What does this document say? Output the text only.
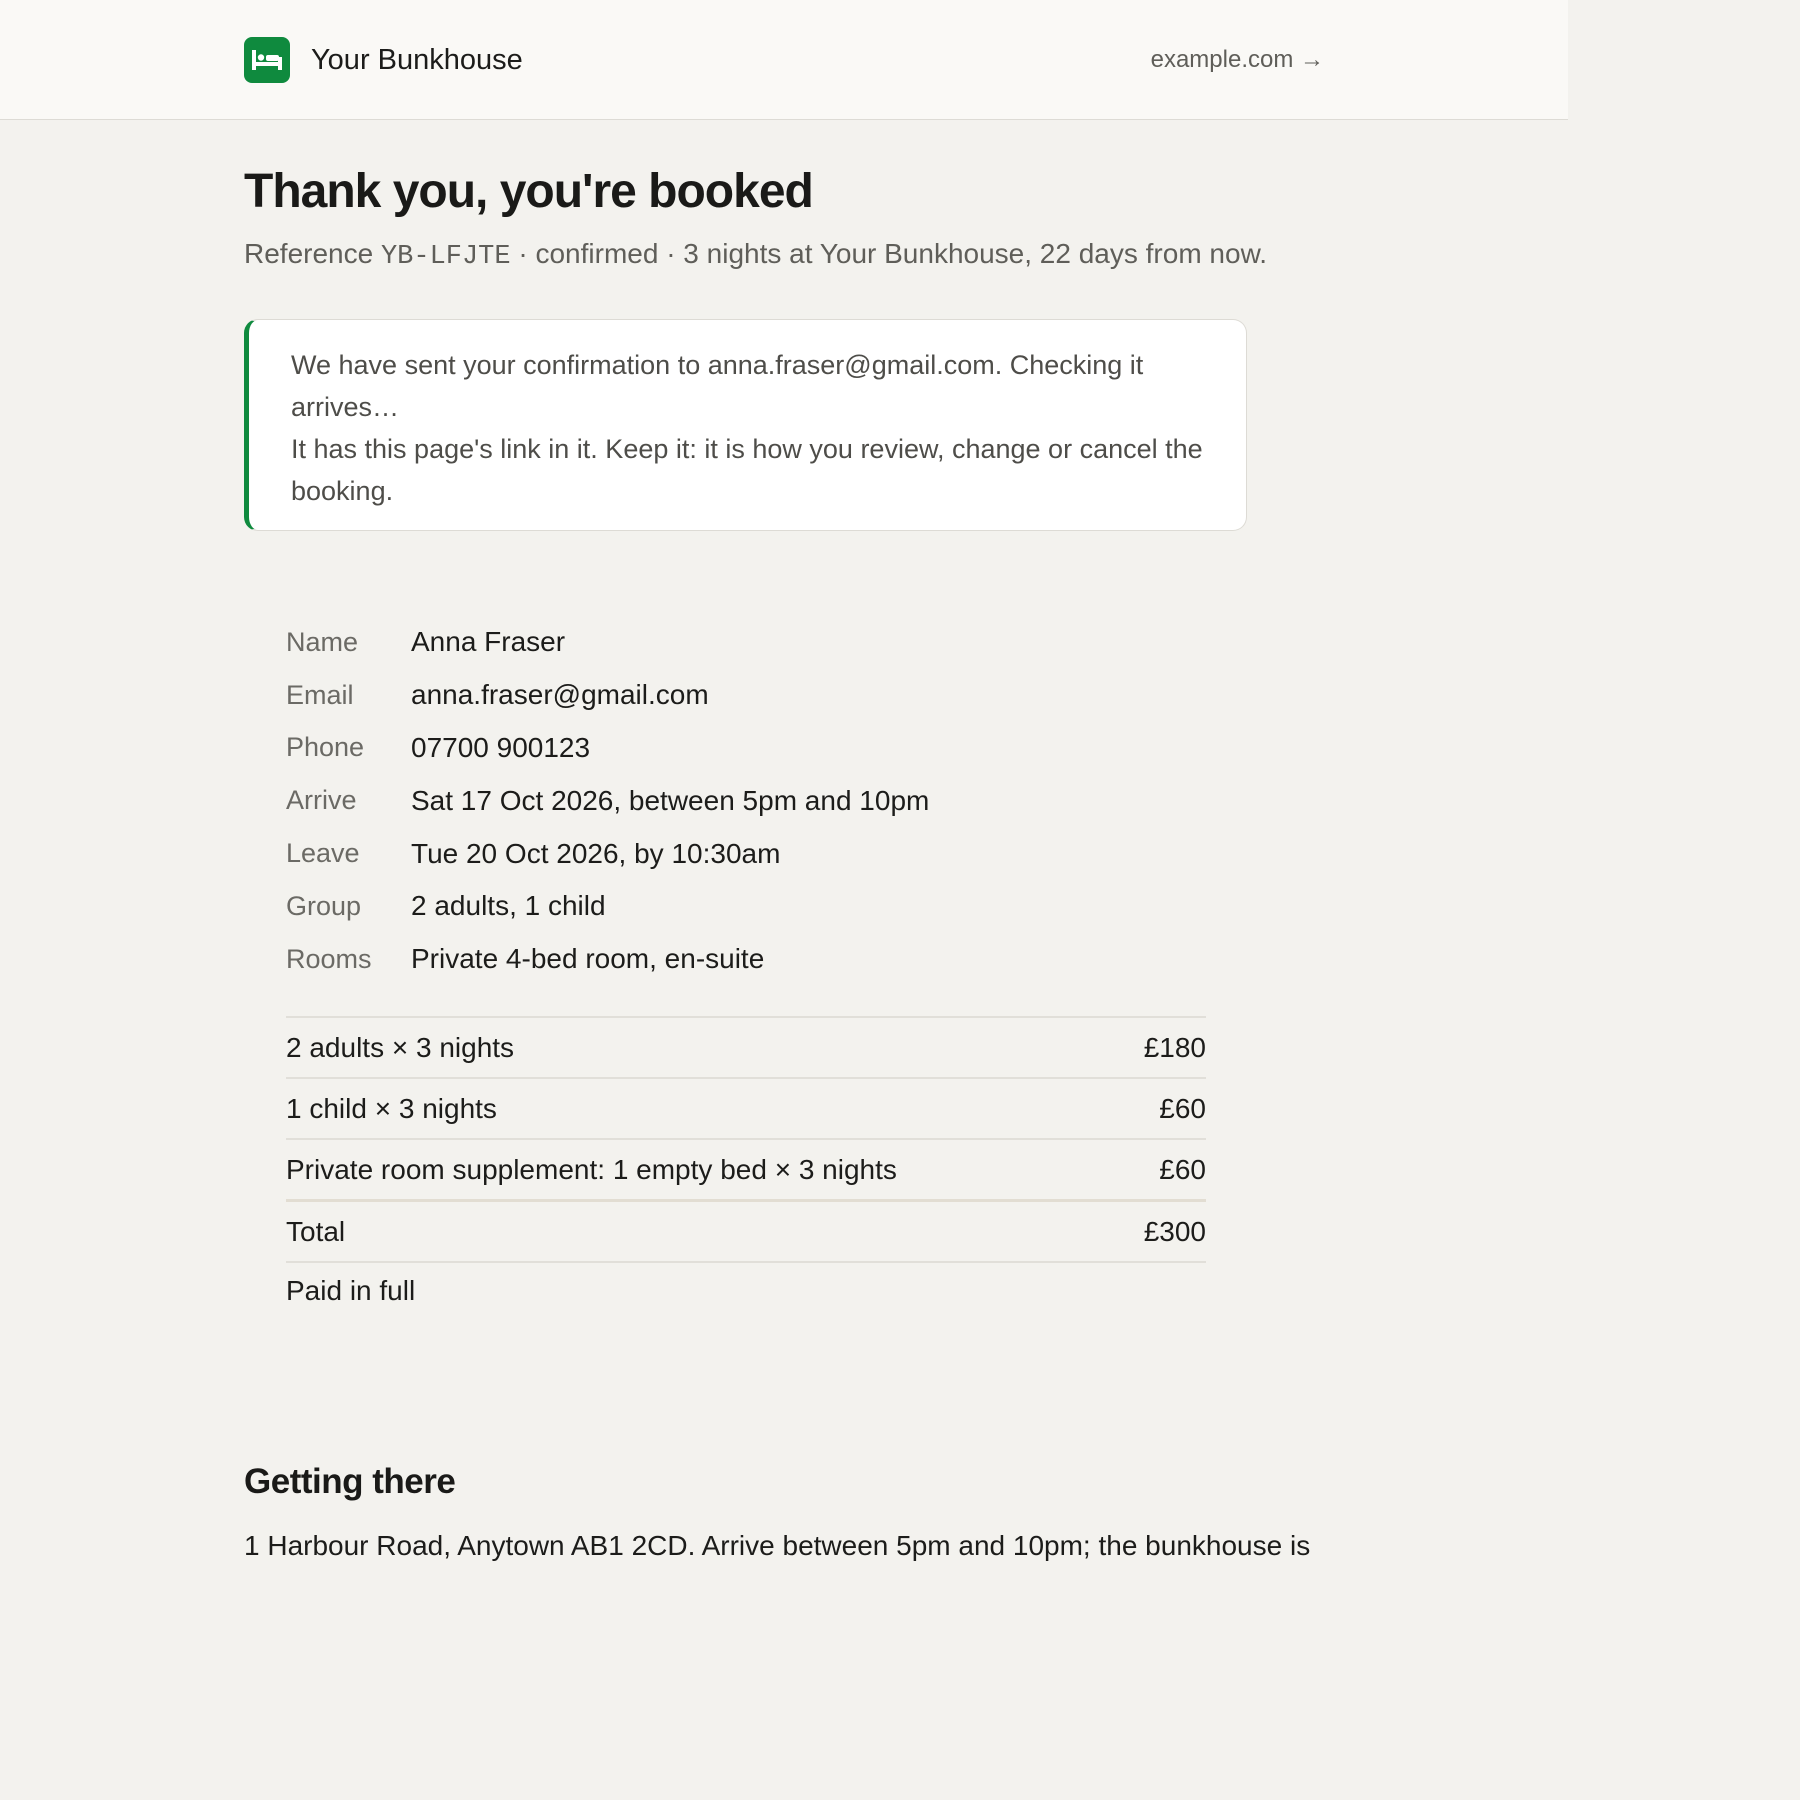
Your Bunkhouse	example.com →
Thank you, you're booked

Reference YB-LFJTE · confirmed · 3 nights at Your Bunkhouse, 22 days from now.

We have sent your confirmation to anna.fraser@gmail.com. Checking it arrives…

It has this page's link in it. Keep it: it is how you review, change or cancel the booking.

Name	Anna Fraser
Email	anna.fraser@gmail.com
Phone	07700 900123
Arrive	Sat 17 Oct 2026, between 5pm and 10pm
Leave	Tue 20 Oct 2026, by 10:30am
Group	2 adults, 1 child
Rooms	Private 4-bed room, en-suite
2 adults × 3 nights	£180
1 child × 3 nights	£60
Private room supplement: 1 empty bed × 3 nights	£60
Total	£300
Paid in full
Getting there

1 Harbour Road, Anytown AB1 2CD. Arrive between 5pm and 10pm; the bunkhouse is
